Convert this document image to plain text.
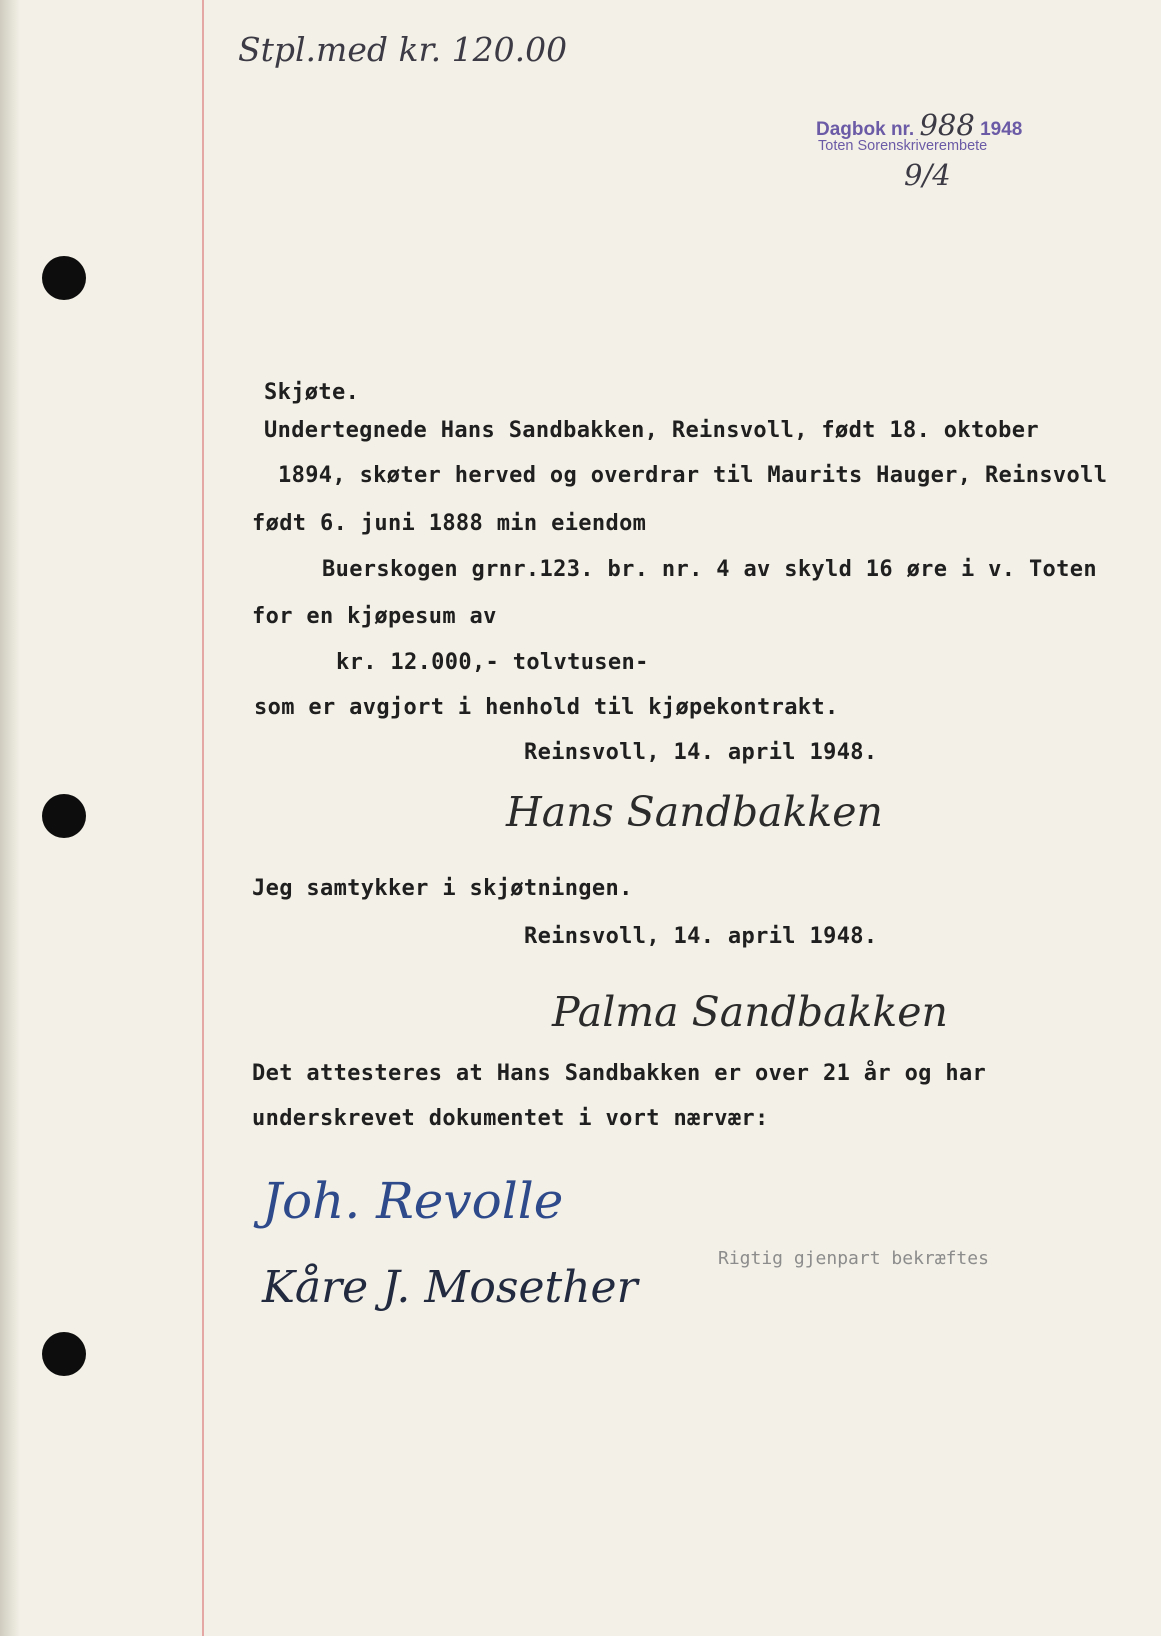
Stpl.med kr. 120.00
Dagbok nr. 988 1948
Toten Sorenskriverembete
9/4
Skjøte.
Undertegnede Hans Sandbakken, Reinsvoll, født 18. oktober
1894, skøter herved og overdrar til Maurits Hauger, Reinsvoll
født 6. juni 1888 min eiendom
Buerskogen grnr.123. br. nr. 4 av skyld 16 øre i v. Toten
for en kjøpesum av
kr. 12.000,- tolvtusen-
som er avgjort i henhold til kjøpekontrakt.
Reinsvoll, 14. april 1948.
Hans Sandbakken
Jeg samtykker i skjøtningen.
Reinsvoll, 14. april 1948.
Palma Sandbakken
Det attesteres at Hans Sandbakken er over 21 år og har
underskrevet dokumentet i vort nærvær:
Joh. Revolle
Kåre J. Mosether
Rigtig gjenpart bekræftes
